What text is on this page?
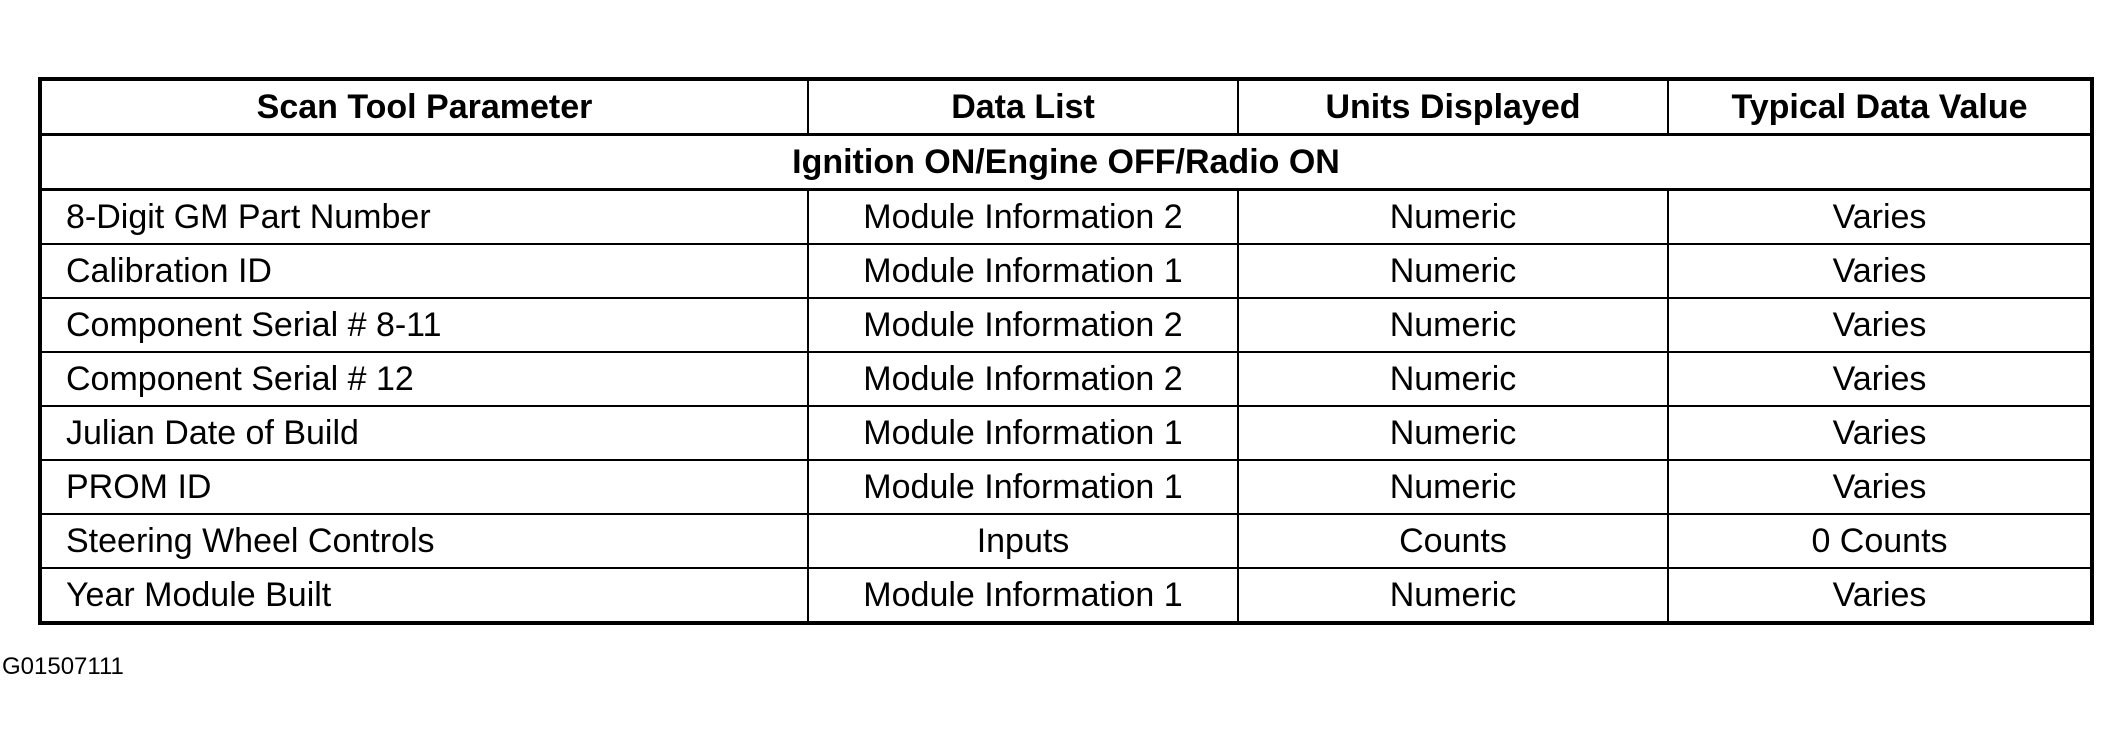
Scan Tool Parameter	Data List	Units Displayed	Typical Data Value
Ignition ON/Engine OFF/Radio ON			
8-Digit GM Part Number	Module Information 2	Numeric	Varies
Calibration ID	Module Information 1	Numeric	Varies
Component Serial # 8-11	Module Information 2	Numeric	Varies
Component Serial # 12	Module Information 2	Numeric	Varies
Julian Date of Build	Module Information 1	Numeric	Varies
PROM ID	Module Information 1	Numeric	Varies
Steering Wheel Controls	Inputs	Counts	0 Counts
Year Module Built	Module Information 1	Numeric	Varies
G01507111
